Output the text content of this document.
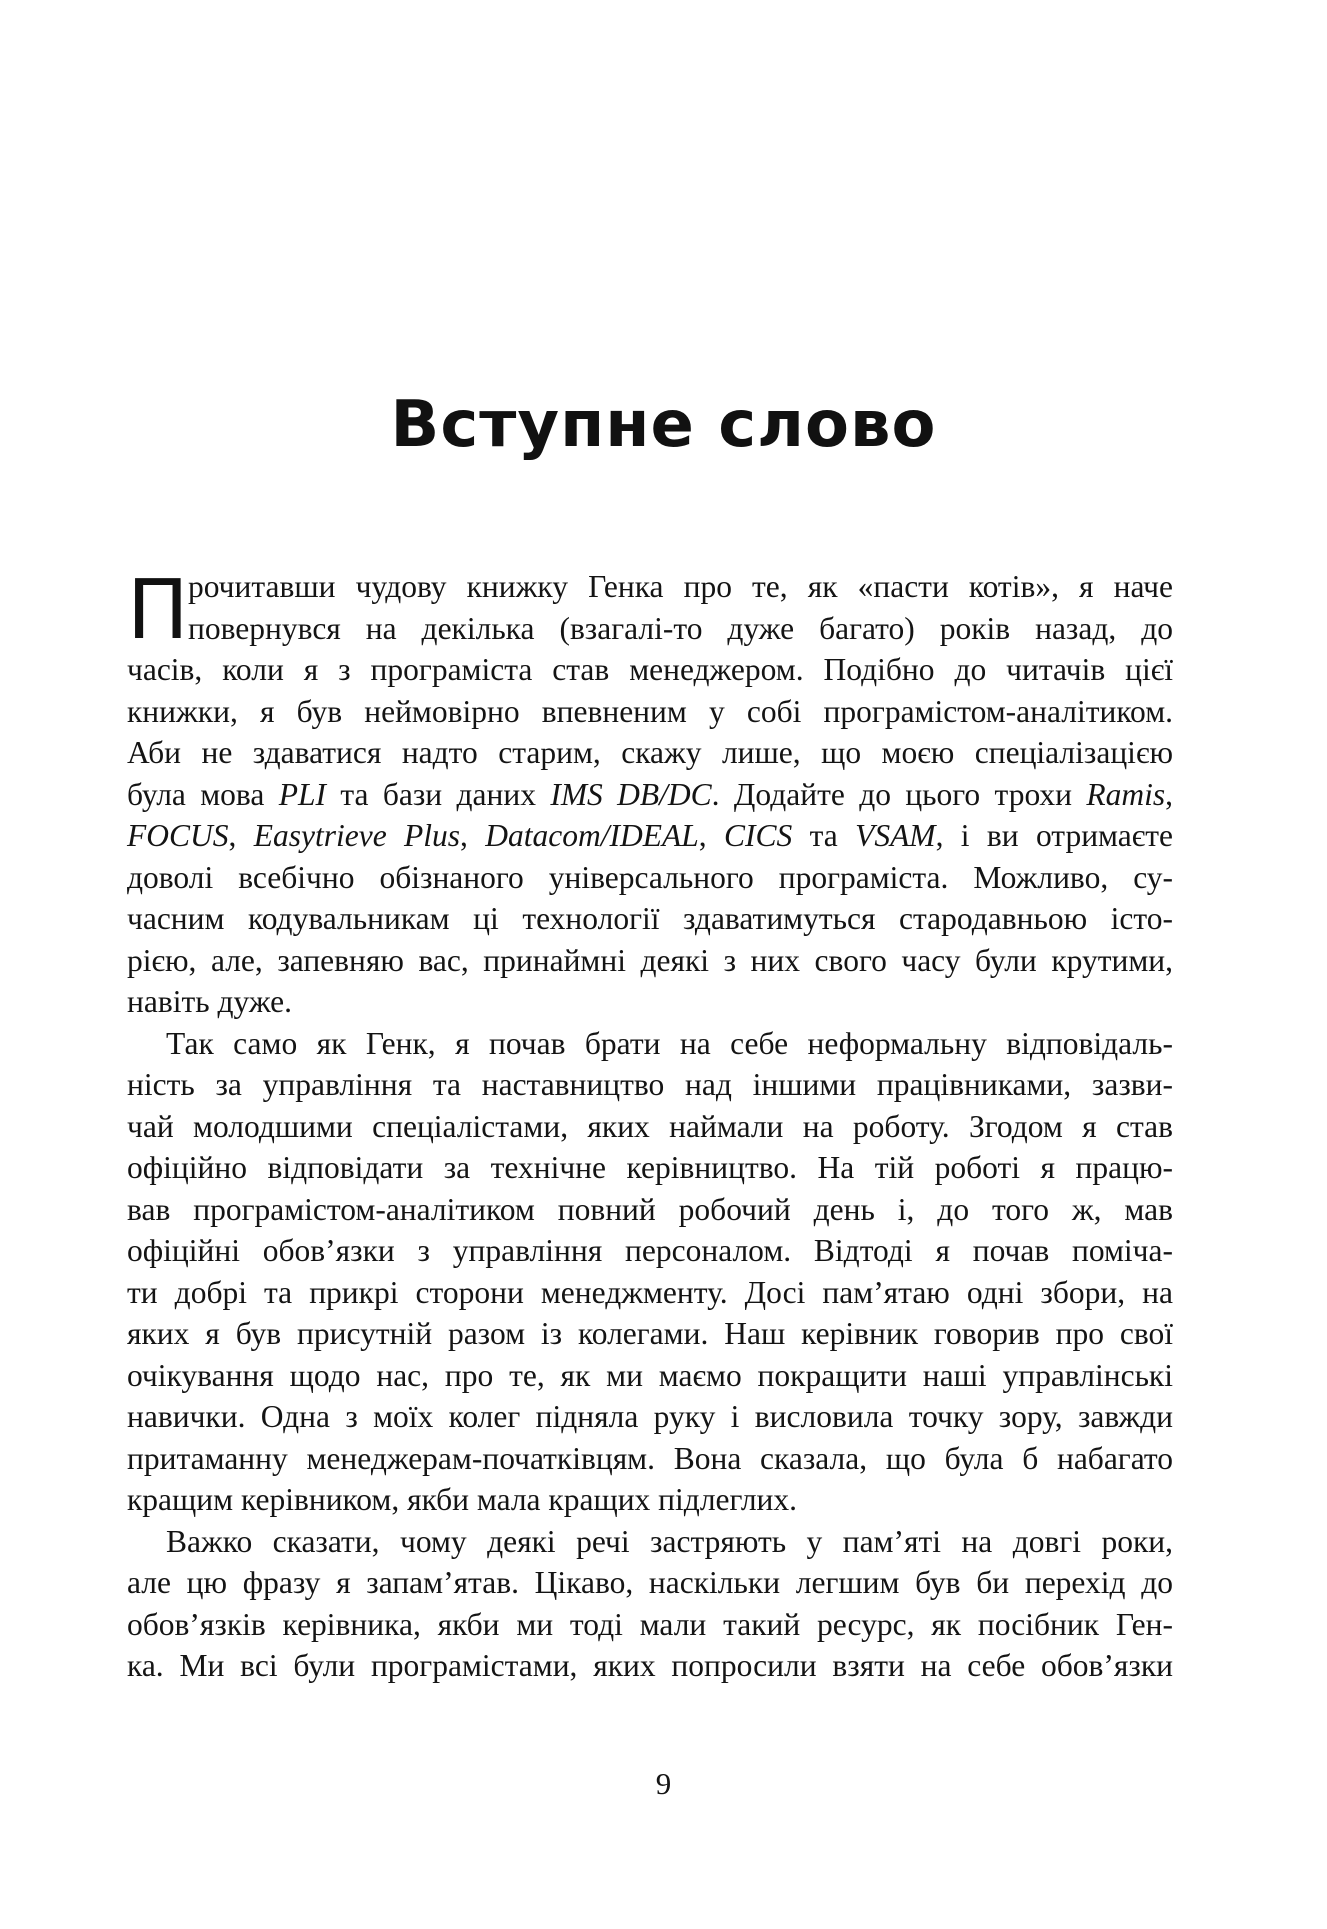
Вступне слово

П рочитавши чудову книжку Генка про те, як «пасти котів», я наче
повернувся на декілька (взагалі-то дуже багато) років назад, до
часів, коли я з програміста став менеджером. Подібно до читачів цієї
книжки, я був неймовірно впевненим у собі програмістом-аналітиком.
Аби не здаватися надто старим, скажу лише, що моєю спеціалізацією
була мова PLI та бази даних IMS DB/DC. Додайте до цього трохи Ramis,
FOCUS, Easytrieve Plus, Datacom/IDEAL, CICS та VSAM, і ви отримаєте
доволі всебічно обізнаного універсального програміста. Можливо, су-
часним кодувальникам ці технології здаватимуться стародавньою істо-
рією, але, запевняю вас, принаймні деякі з них свого часу були крутими,
навіть дуже.

Так само як Генк, я почав брати на себе неформальну відповідаль-
ність за управління та наставництво над іншими працівниками, зазви-
чай молодшими спеціалістами, яких наймали на роботу. Згодом я став
офіційно відповідати за технічне керівництво. На тій роботі я працю-
вав програмістом-аналітиком повний робочий день і, до того ж, мав
офіційні обов’язки з управління персоналом. Відтоді я почав поміча-
ти добрі та прикрі сторони менеджменту. Досі пам’ятаю одні збори, на
яких я був присутній разом із колегами. Наш керівник говорив про свої
очікування щодо нас, про те, як ми маємо покращити наші управлінські
навички. Одна з моїх колег підняла руку і висловила точку зору, завжди
притаманну менеджерам-початківцям. Вона сказала, що була б набагато
кращим керівником, якби мала кращих підлеглих.

Важко сказати, чому деякі речі застряють у пам’яті на довгі роки,
але цю фразу я запам’ятав. Цікаво, наскільки легшим був би перехід до
обов’язків керівника, якби ми тоді мали такий ресурс, як посібник Ген-
ка. Ми всі були програмістами, яких попросили взяти на себе обов’язки

9
